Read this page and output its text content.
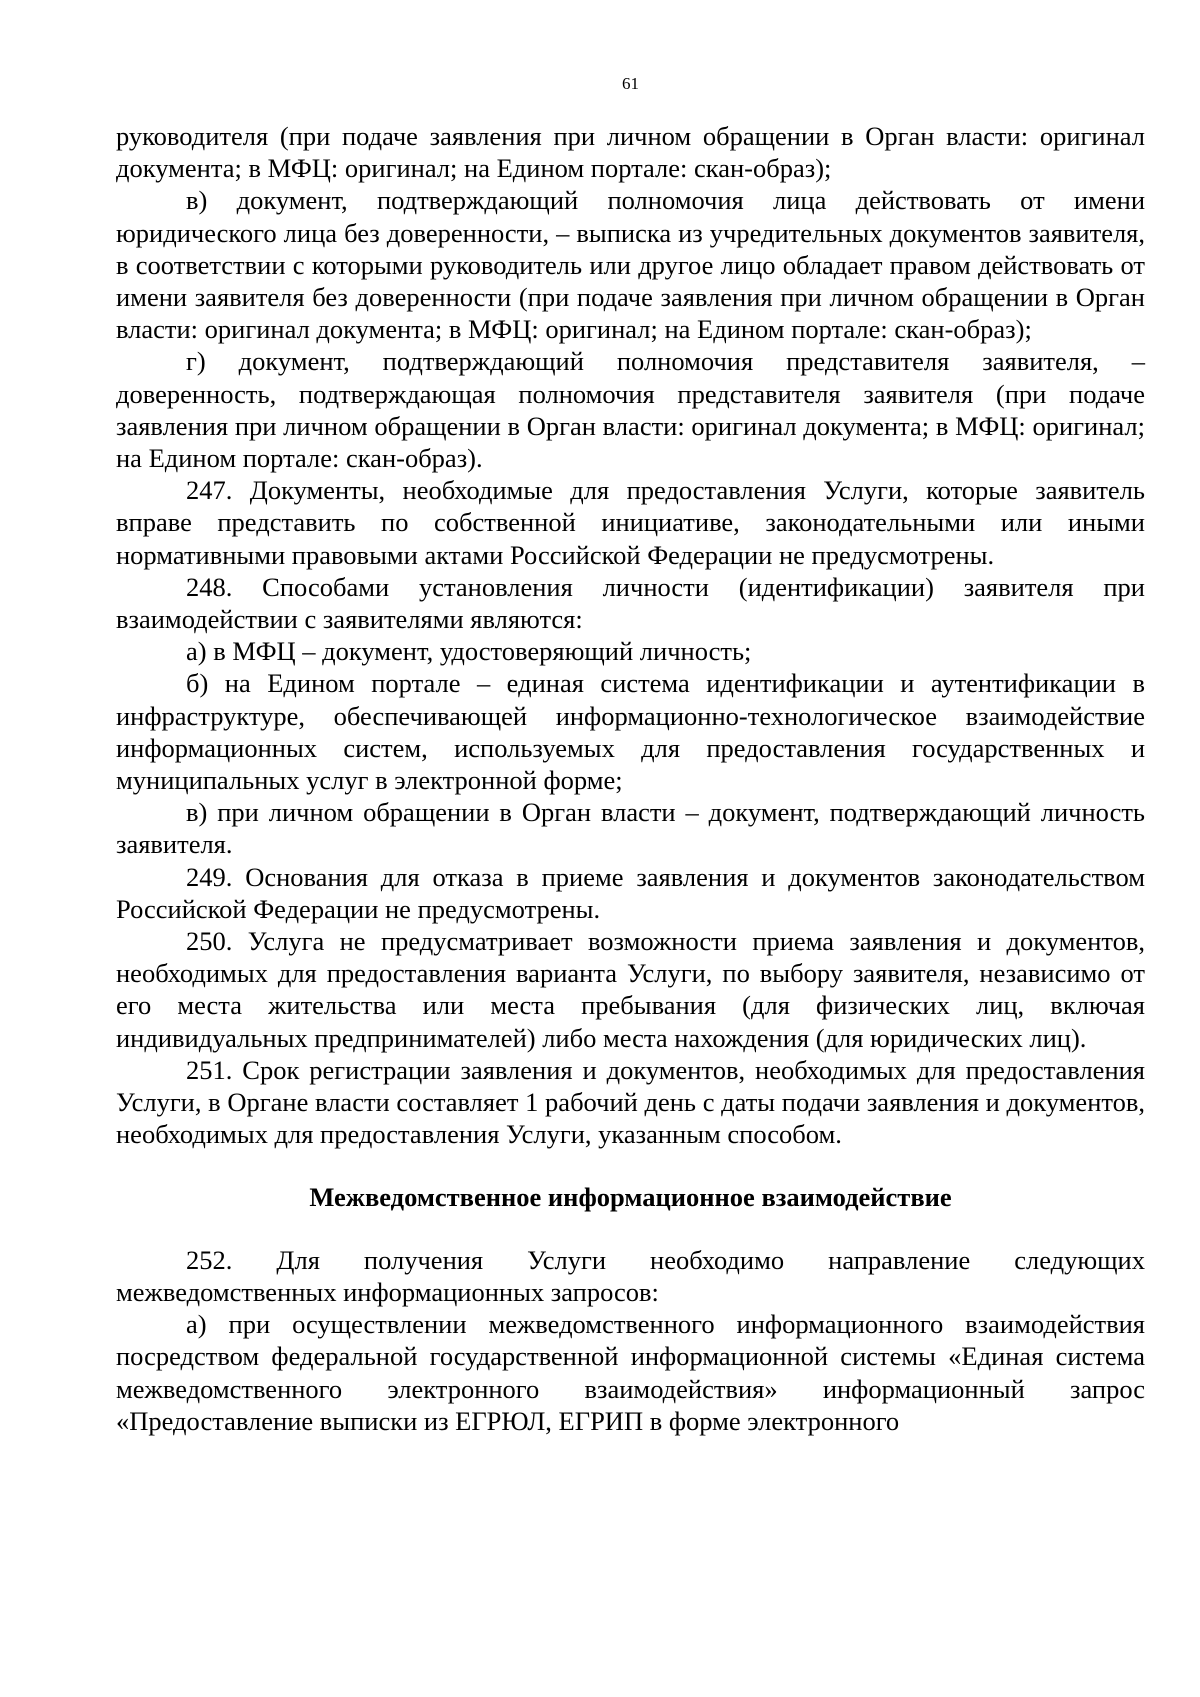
61

руководителя (при подаче заявления при личном обращении в Орган власти: оригинал документа; в МФЦ: оригинал; на Едином портале: скан-образ);

в) документ, подтверждающий полномочия лица действовать от имени юридического лица без доверенности, – выписка из учредительных документов заявителя, в соответствии с которыми руководитель или другое лицо обладает правом действовать от имени заявителя без доверенности (при подаче заявления при личном обращении в Орган власти: оригинал документа; в МФЦ: оригинал; на Едином портале: скан-образ);

г) документ, подтверждающий полномочия представителя заявителя, – доверенность, подтверждающая полномочия представителя заявителя (при подаче заявления при личном обращении в Орган власти: оригинал документа; в МФЦ: оригинал; на Едином портале: скан-образ).

247. Документы, необходимые для предоставления Услуги, которые заявитель вправе представить по собственной инициативе, законодательными или иными нормативными правовыми актами Российской Федерации не предусмотрены.

248. Способами установления личности (идентификации) заявителя при взаимодействии с заявителями являются:

а) в МФЦ – документ, удостоверяющий личность;

б) на Едином портале – единая система идентификации и аутентификации в инфраструктуре, обеспечивающей информационно-технологическое взаимодействие информационных систем, используемых для предоставления государственных и муниципальных услуг в электронной форме;

в) при личном обращении в Орган власти – документ, подтверждающий личность заявителя.

249. Основания для отказа в приеме заявления и документов законодательством Российской Федерации не предусмотрены.

250. Услуга не предусматривает возможности приема заявления и документов, необходимых для предоставления варианта Услуги, по выбору заявителя, независимо от его места жительства или места пребывания (для физических лиц, включая индивидуальных предпринимателей) либо места нахождения (для юридических лиц).

251. Срок регистрации заявления и документов, необходимых для предоставления Услуги, в Органе власти составляет 1 рабочий день с даты подачи заявления и документов, необходимых для предоставления Услуги, указанным способом.

Межведомственное информационное взаимодействие

252. Для получения Услуги необходимо направление следующих межведомственных информационных запросов:

а) при осуществлении межведомственного информационного взаимодействия посредством федеральной государственной информационной системы «Единая система межведомственного электронного взаимодействия» информационный запрос «Предоставление выписки из ЕГРЮЛ, ЕГРИП в форме электронного
